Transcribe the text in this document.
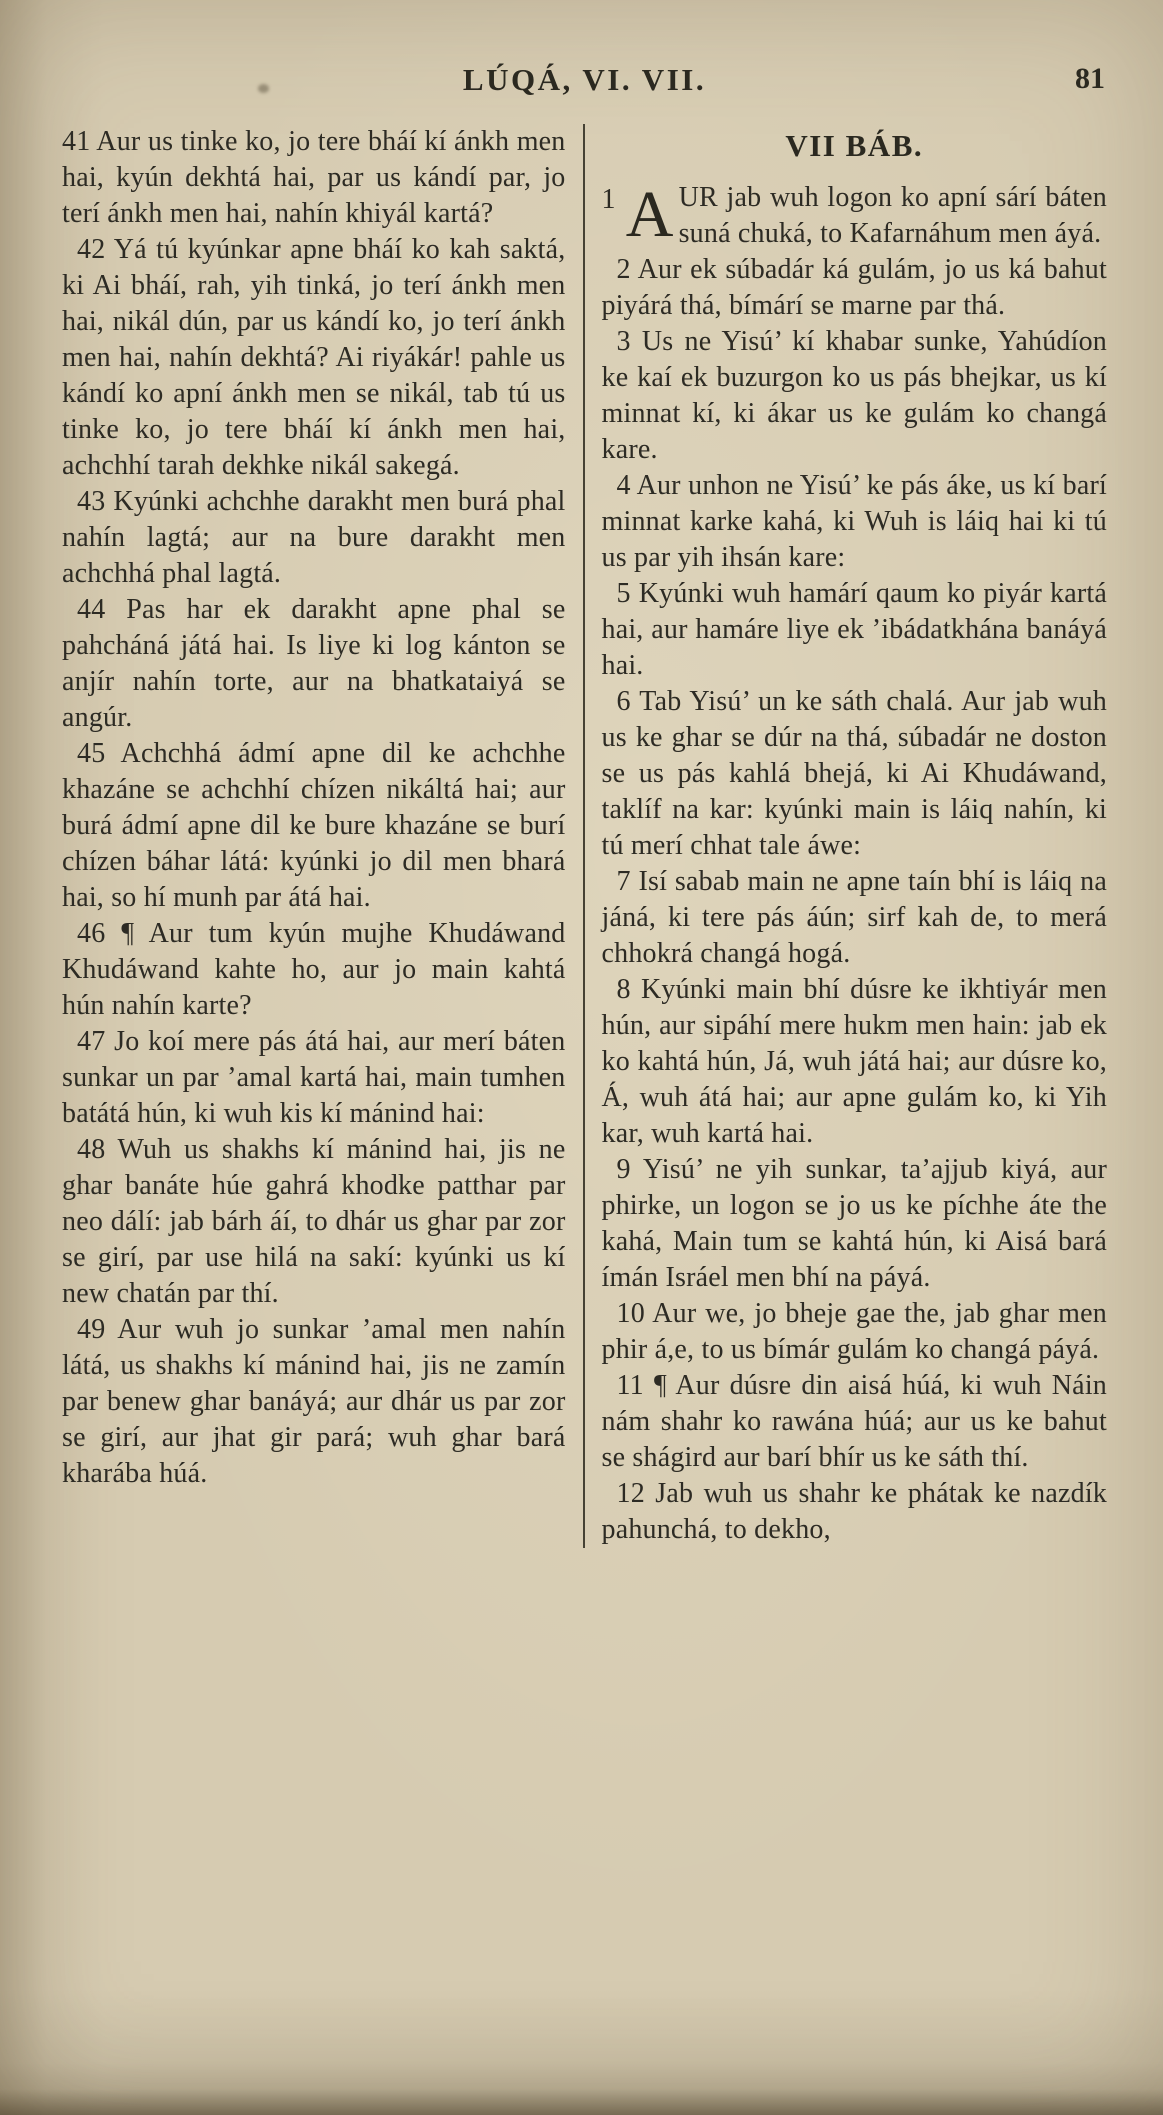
LÚQÁ, VI. VII.	81

41 Aur us tinke ko, jo tere bháí kí ánkh men hai, kyún dekhtá hai, par us kándí par, jo terí ánkh men hai, nahín khiyál kartá?

42 Yá tú kyúnkar apne bháí ko kah saktá, ki Ai bháí, rah, yih tinká, jo terí ánkh men hai, nikál dún, par us kándí ko, jo terí ánkh men hai, nahín dekhtá? Ai riyákár! pahle us kándí ko apní ánkh men se nikál, tab tú us tinke ko, jo tere bháí kí ánkh men hai, achchhí tarah dekhke nikál sakegá.

43 Kyúnki achchhe darakht men burá phal nahín lagtá; aur na bure darakht men achchhá phal lagtá.

44 Pas har ek darakht apne phal se pahcháná játá hai. Is liye ki log kánton se anjír nahín torte, aur na bhatkataiyá se angúr.

45 Achchhá ádmí apne dil ke achchhe khazáne se achchhí chízen nikáltá hai; aur burá ádmí apne dil ke bure khazáne se burí chízen báhar látá: kyúnki jo dil men bhará hai, so hí munh par átá hai.

46 ¶ Aur tum kyún mujhe Khudáwand Khudáwand kahte ho, aur jo main kahtá hún nahín karte?

47 Jo koí mere pás átá hai, aur merí báten sunkar un par ʼamal kartá hai, main tumhen batátá hún, ki wuh kis kí mánind hai:

48 Wuh us shakhs kí mánind hai, jis ne ghar banáte húe gahrá khodke patthar par neo dálí: jab bárh áí, to dhár us ghar par zor se girí, par use hilá na sakí: kyúnki us kí new chatán par thí.

49 Aur wuh jo sunkar ʼamal men nahín látá, us shakhs kí mánind hai, jis ne zamín par benew ghar banáyá; aur dhár us par zor se girí, aur jhat gir pará; wuh ghar bará kharába húá.

VII BÁB.

1 A UR jab wuh logon ko apní sárí báten suná chuká, to Kafarnáhum men áyá.

2 Aur ek súbadár ká gulám, jo us ká bahut piyárá thá, bímárí se marne par thá.

3 Us ne Yisú’ kí khabar sunke, Yahúdíon ke kaí ek buzurgon ko us pás bhejkar, us kí minnat kí, ki ákar us ke gulám ko changá kare.

4 Aur unhon ne Yisú’ ke pás áke, us kí barí minnat karke kahá, ki Wuh is láiq hai ki tú us par yih ihsán kare:

5 Kyúnki wuh hamárí qaum ko piyár kartá hai, aur hamáre liye ek ’ibádatkhána banáyá hai.

6 Tab Yisú’ un ke sáth chalá. Aur jab wuh us ke ghar se dúr na thá, súbadár ne doston se us pás kahlá bhejá, ki Ai Khudáwand, taklíf na kar: kyúnki main is láiq nahín, ki tú merí chhat tale áwe:

7 Isí sabab main ne apne taín bhí is láiq na jáná, ki tere pás áún; sirf kah de, to merá chhokrá changá hogá.

8 Kyúnki main bhí dúsre ke ikhtiyár men hún, aur sipáhí mere hukm men hain: jab ek ko kahtá hún, Já, wuh játá hai; aur dúsre ko, Á, wuh átá hai; aur apne gulám ko, ki Yih kar, wuh kartá hai.

9 Yisú’ ne yih sunkar, ta’ajjub kiyá, aur phirke, un logon se jo us ke píchhe áte the kahá, Main tum se kahtá hún, ki Aisá bará ímán Isráel men bhí na páyá.

10 Aur we, jo bheje gae the, jab ghar men phir á,e, to us bímár gulám ko changá páyá.

11 ¶ Aur dúsre din aisá húá, ki wuh Náin nám shahr ko rawána húá; aur us ke bahut se shágird aur barí bhír us ke sáth thí.

12 Jab wuh us shahr ke phátak ke nazdík pahunchá, to dekho,
